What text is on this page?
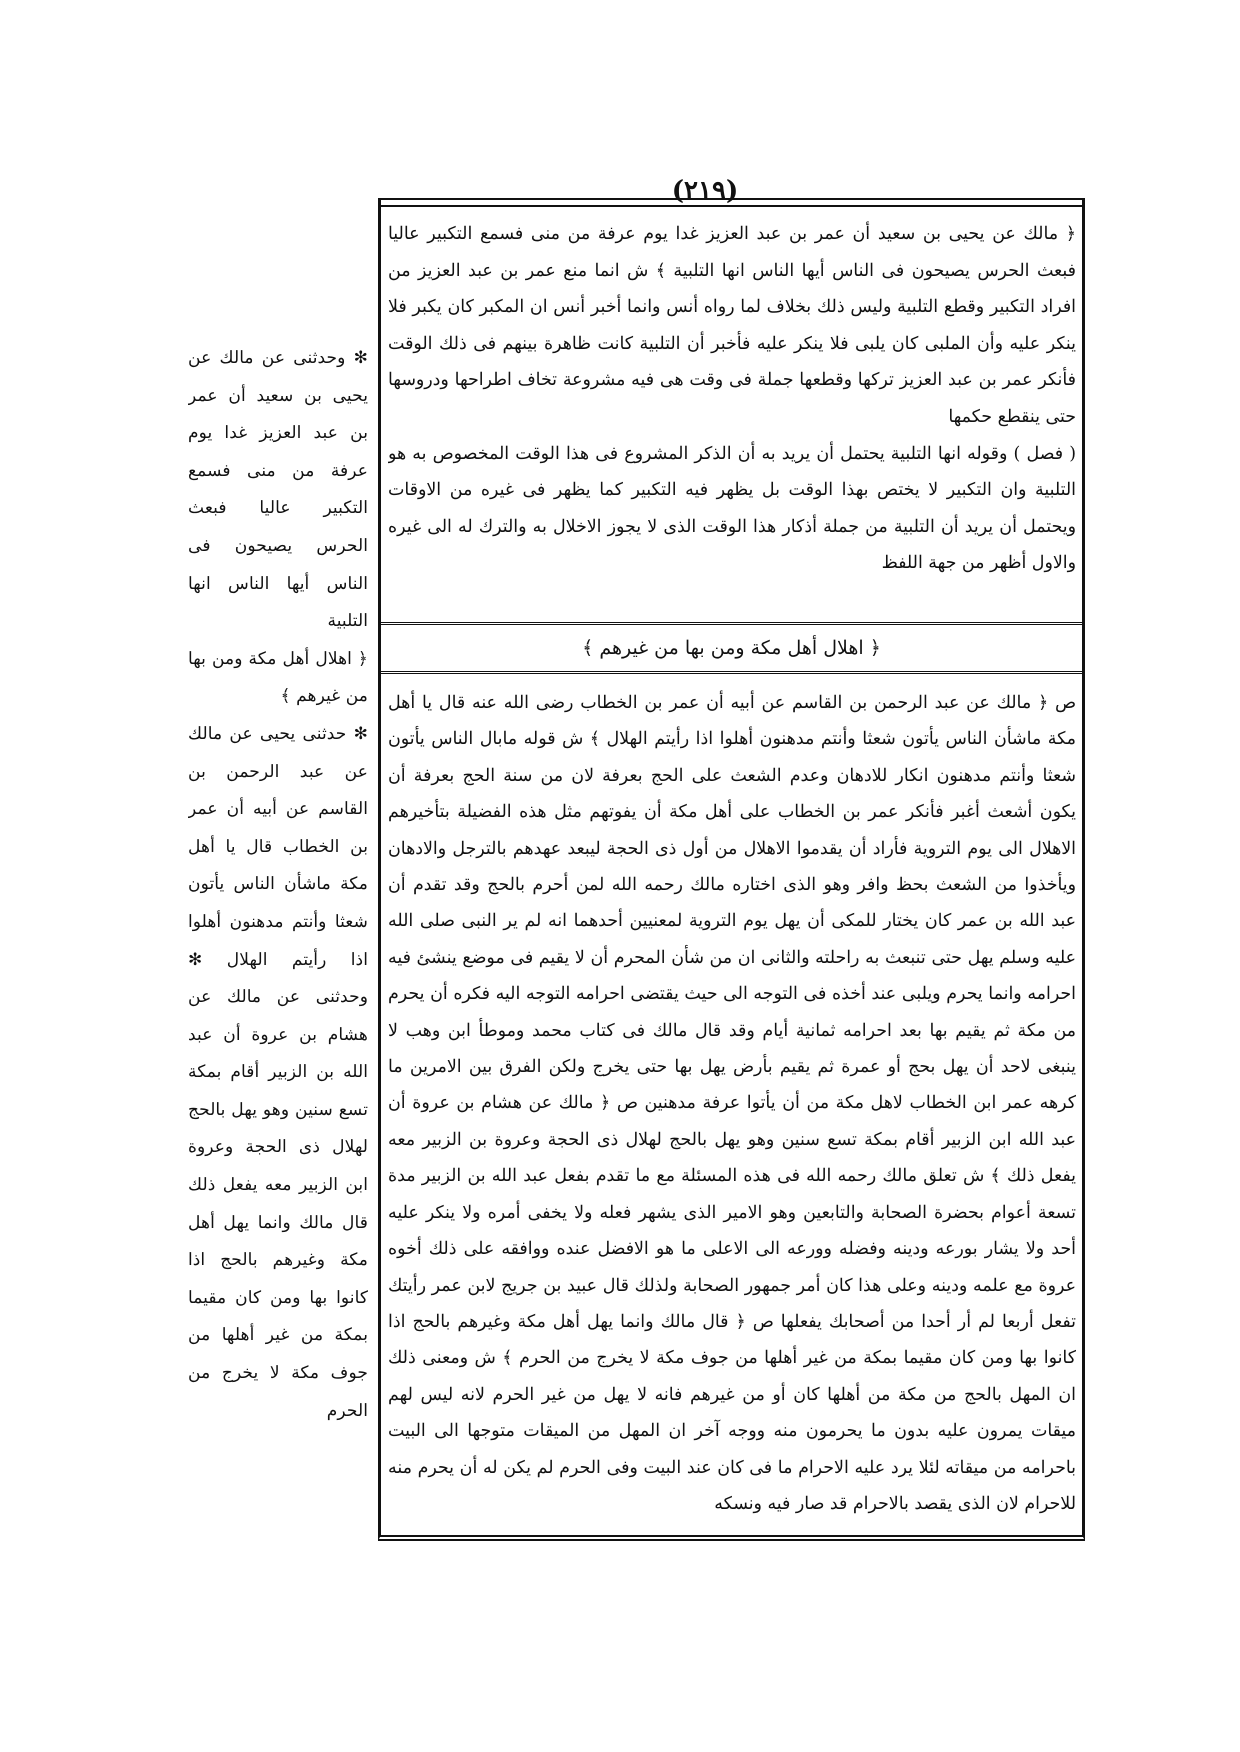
(٢١٩)

﴿ مالك عن يحيى بن سعيد أن عمر بن عبد العزيز غدا يوم عرفة من منى فسمع التكبير عاليا فبعث الحرس يصيحون فى الناس أيها الناس انها التلبية ﴾ ش انما منع عمر بن عبد العزيز من افراد التكبير وقطع التلبية وليس ذلك بخلاف لما رواه أنس وانما أخبر أنس ان المكبر كان يكبر فلا ينكر عليه وأن الملبى كان يلبى فلا ينكر عليه فأخبر أن التلبية كانت ظاهرة بينهم فى ذلك الوقت فأنكر عمر بن عبد العزيز تركها وقطعها جملة فى وقت هى فيه مشروعة تخاف اطراحها ودروسها حتى ينقطع حكمها

( فصل ) وقوله انها التلبية يحتمل أن يريد به أن الذكر المشروع فى هذا الوقت المخصوص به هو التلبية وان التكبير لا يختص بهذا الوقت بل يظهر فيه التكبير كما يظهر فى غيره من الاوقات ويحتمل أن يريد أن التلبية من جملة أذكار هذا الوقت الذى لا يجوز الاخلال به والترك له الى غيره والاول أظهر من جهة اللفظ

﴿ اهلال أهل مكة ومن بها من غيرهم ﴾

ص ﴿ مالك عن عبد الرحمن بن القاسم عن أبيه أن عمر بن الخطاب رضى الله عنه قال يا أهل مكة ماشأن الناس يأتون شعثا وأنتم مدهنون أهلوا اذا رأيتم الهلال ﴾ ش قوله مابال الناس يأتون شعثا وأنتم مدهنون انكار للادهان وعدم الشعث على الحج بعرفة لان من سنة الحج بعرفة أن يكون أشعث أغبر فأنكر عمر بن الخطاب على أهل مكة أن يفوتهم مثل هذه الفضيلة بتأخيرهم الاهلال الى يوم التروية فأراد أن يقدموا الاهلال من أول ذى الحجة ليبعد عهدهم بالترجل والادهان ويأخذوا من الشعث بحظ وافر وهو الذى اختاره مالك رحمه الله لمن أحرم بالحج وقد تقدم أن عبد الله بن عمر كان يختار للمكى أن يهل يوم التروية لمعنيين أحدهما انه لم ير النبى صلى الله عليه وسلم يهل حتى تنبعث به راحلته والثانى ان من شأن المحرم أن لا يقيم فى موضع ينشئ فيه احرامه وانما يحرم ويلبى عند أخذه فى التوجه الى حيث يقتضى احرامه التوجه اليه فكره أن يحرم من مكة ثم يقيم بها بعد احرامه ثمانية أيام وقد قال مالك فى كتاب محمد وموطأ ابن وهب لا ينبغى لاحد أن يهل بحج أو عمرة ثم يقيم بأرض يهل بها حتى يخرج ولكن الفرق بين الامرين ما كرهه عمر ابن الخطاب لاهل مكة من أن يأتوا عرفة مدهنين ص ﴿ مالك عن هشام بن عروة أن عبد الله ابن الزبير أقام بمكة تسع سنين وهو يهل بالحج لهلال ذى الحجة وعروة بن الزبير معه يفعل ذلك ﴾ ش تعلق مالك رحمه الله فى هذه المسئلة مع ما تقدم بفعل عبد الله بن الزبير مدة تسعة أعوام بحضرة الصحابة والتابعين وهو الامير الذى يشهر فعله ولا يخفى أمره ولا ينكر عليه أحد ولا يشار بورعه ودينه وفضله وورعه الى الاعلى ما هو الافضل عنده ووافقه على ذلك أخوه عروة مع علمه ودينه وعلى هذا كان أمر جمهور الصحابة ولذلك قال عبيد بن جريج لابن عمر رأيتك تفعل أربعا لم أر أحدا من أصحابك يفعلها ص ﴿ قال مالك وانما يهل أهل مكة وغيرهم بالحج اذا كانوا بها ومن كان مقيما بمكة من غير أهلها من جوف مكة لا يخرج من الحرم ﴾ ش ومعنى ذلك ان المهل بالحج من مكة من أهلها كان أو من غيرهم فانه لا يهل من غير الحرم لانه ليس لهم ميقات يمرون عليه بدون ما يحرمون منه ووجه آخر ان المهل من الميقات متوجها الى البيت باحرامه من ميقاته لئلا يرد عليه الاحرام ما فى كان عند البيت وفى الحرم لم يكن له أن يحرم منه للاحرام لان الذى يقصد بالاحرام قد صار فيه ونسكه

✻ وحدثنى عن مالك عن يحيى بن سعيد أن عمر بن عبد العزيز غدا يوم عرفة من منى فسمع التكبير عاليا فبعث الحرس يصيحون فى الناس أيها الناس انها التلبية

﴿ اهلال أهل مكة ومن بها من غيرهم ﴾

✻ حدثنى يحيى عن مالك عن عبد الرحمن بن القاسم عن أبيه أن عمر بن الخطاب قال يا أهل مكة ماشأن الناس يأتون شعثا وأنتم مدهنون أهلوا اذا رأيتم الهلال ✻ وحدثنى عن مالك عن هشام بن عروة أن عبد الله بن الزبير أقام بمكة تسع سنين وهو يهل بالحج لهلال ذى الحجة وعروة ابن الزبير معه يفعل ذلك قال مالك وانما يهل أهل مكة وغيرهم بالحج اذا كانوا بها ومن كان مقيما بمكة من غير أهلها من جوف مكة لا يخرج من الحرم
